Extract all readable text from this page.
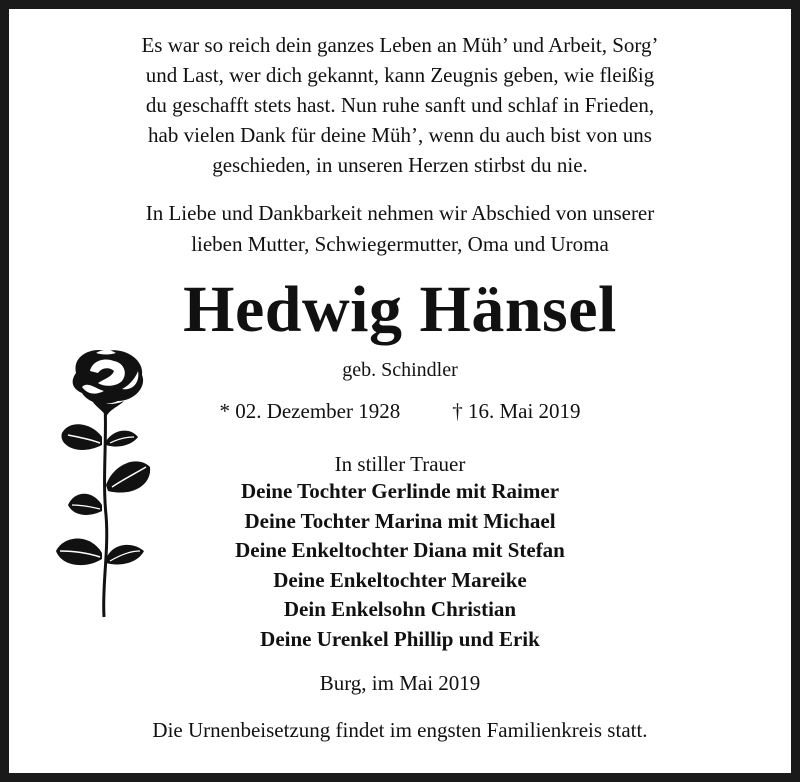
Es war so reich dein ganzes Leben an Müh’ und Arbeit, Sorg’
und Last, wer dich gekannt, kann Zeugnis geben, wie fleißig
du geschafft stets hast. Nun ruhe sanft und schlaf in Frieden,
hab vielen Dank für deine Müh’, wenn du auch bist von uns
geschieden, in unseren Herzen stirbst du nie.
In Liebe und Dankbarkeit nehmen wir Abschied von unserer
lieben Mutter, Schwiegermutter, Oma und Uroma
Hedwig Hänsel
geb. Schindler
* 02. Dezember 1928 † 16. Mai 2019
In stiller Trauer
Deine Tochter Gerlinde mit Raimer
Deine Tochter Marina mit Michael
Deine Enkeltochter Diana mit Stefan
Deine Enkeltochter Mareike
Dein Enkelsohn Christian
Deine Urenkel Phillip und Erik
Burg, im Mai 2019
Die Urnenbeisetzung findet im engsten Familienkreis statt.
